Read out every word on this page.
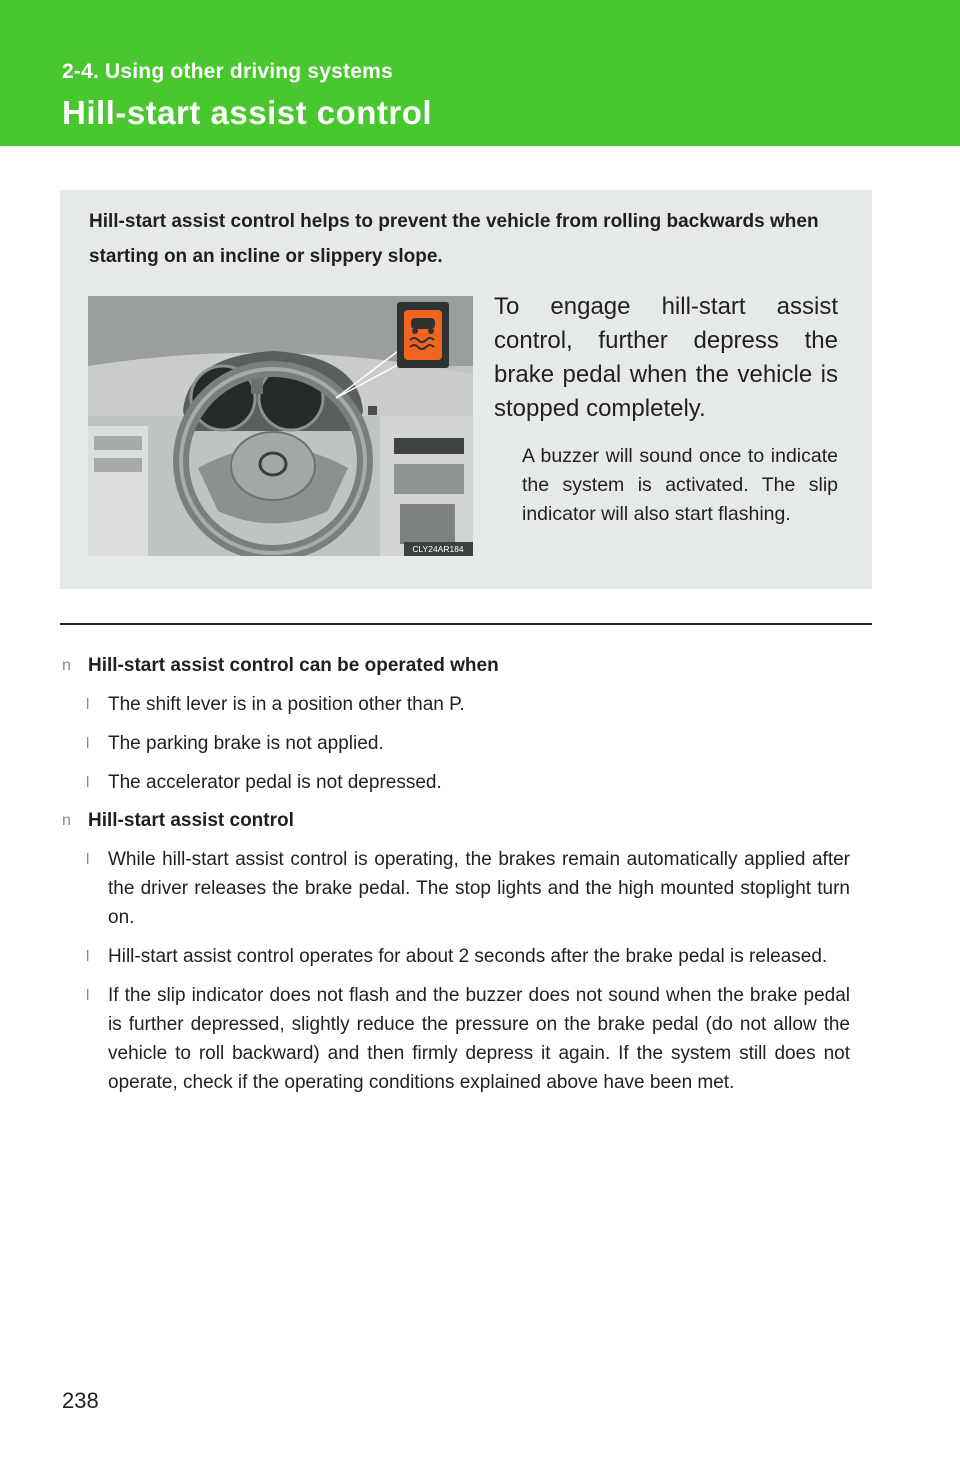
2-4. Using other driving systems
Hill-start assist control
Hill-start assist control helps to prevent the vehicle from rolling backwards when starting on an incline or slippery slope.
CLY24AR184
To engage hill-start assist control, further depress the brake pedal when the vehicle is stopped completely.
A buzzer will sound once to indicate the system is activated. The slip indicator will also start flashing.
n Hill-start assist control can be operated when
l The shift lever is in a position other than P.
l The parking brake is not applied.
l The accelerator pedal is not depressed.
n Hill-start assist control
l While hill-start assist control is operating, the brakes remain automatically applied after the driver releases the brake pedal. The stop lights and the high mounted stoplight turn on.
l Hill-start assist control operates for about 2 seconds after the brake pedal is released.
l If the slip indicator does not flash and the buzzer does not sound when the brake pedal is further depressed, slightly reduce the pressure on the brake pedal (do not allow the vehicle to roll backward) and then firmly depress it again. If the system still does not operate, check if the operating conditions explained above have been met.
238
